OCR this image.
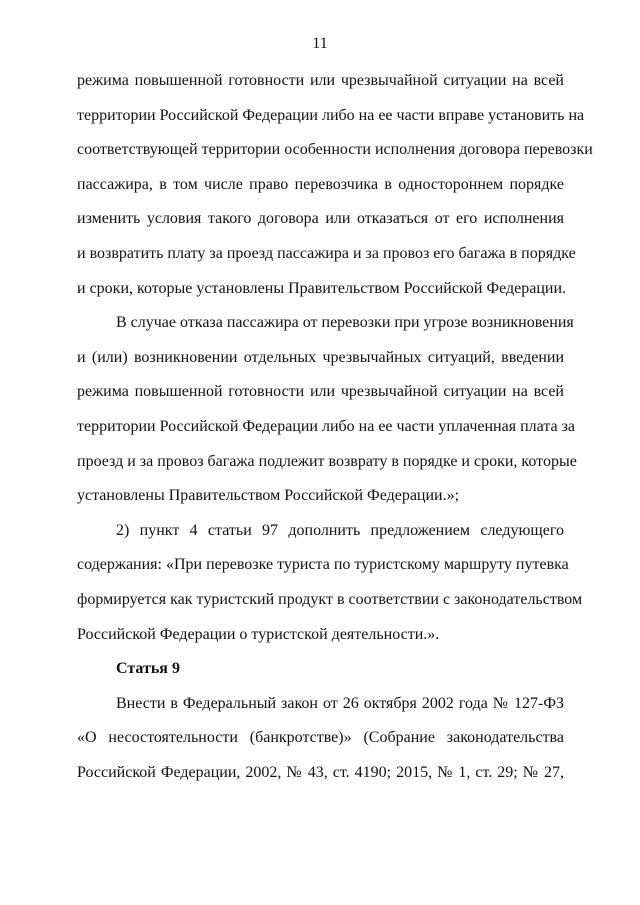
11
режима повышенной готовности или чрезвычайной ситуации на всей
территории Российской Федерации либо на ее части вправе установить на
соответствующей территории особенности исполнения договора перевозки
пассажира, в том числе право перевозчика в одностороннем порядке
изменить условия такого договора или отказаться от его исполнения
и возвратить плату за проезд пассажира и за провоз его багажа в порядке
и сроки, которые установлены Правительством Российской Федерации.
В случае отказа пассажира от перевозки при угрозе возникновения
и (или) возникновении отдельных чрезвычайных ситуаций, введении
режима повышенной готовности или чрезвычайной ситуации на всей
территории Российской Федерации либо на ее части уплаченная плата за
проезд и за провоз багажа подлежит возврату в порядке и сроки, которые
установлены Правительством Российской Федерации.»;
2) пункт 4 статьи 97 дополнить предложением следующего
содержания: «При перевозке туриста по туристскому маршруту путевка
формируется как туристский продукт в соответствии с законодательством
Российской Федерации о туристской деятельности.».
Статья 9
Внести в Федеральный закон от 26 октября 2002 года № 127-ФЗ
«О несостоятельности (банкротстве)» (Собрание законодательства
Российской Федерации, 2002, № 43, ст. 4190; 2015, № 1, ст. 29; № 27,
